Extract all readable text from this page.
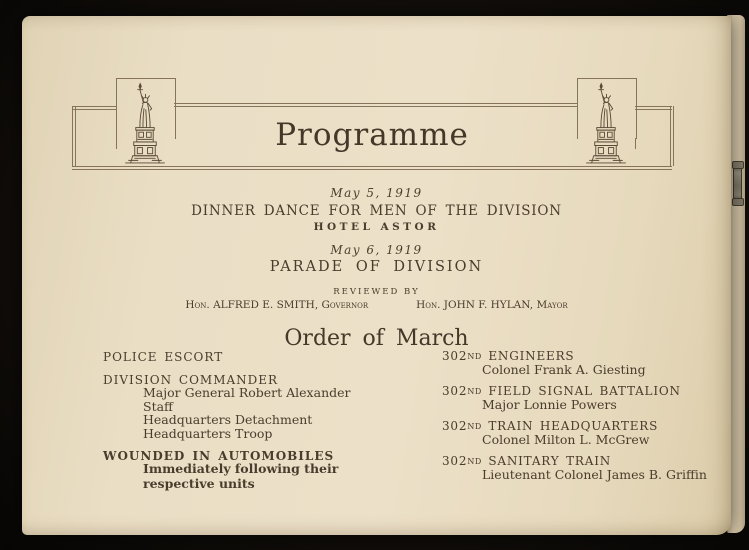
Programme
May 5, 1919
DINNER DANCE FOR MEN OF THE DIVISION
HOTEL ASTOR
May 6, 1919
PARADE OF DIVISION
REVIEWED BY
Hon. ALFRED E. SMITH, Governor	Hon. JOHN F. HYLAN, Mayor
Order of March
POLICE ESCORT
DIVISION COMMANDER
Major General Robert Alexander
Staff
Headquarters Detachment
Headquarters Troop
WOUNDED IN AUTOMOBILES
Immediately following their respective units
302ND ENGINEERS
Colonel Frank A. Giesting
302ND FIELD SIGNAL BATTALION
Major Lonnie Powers
302ND TRAIN HEADQUARTERS
Colonel Milton L. McGrew
302ND SANITARY TRAIN
Lieutenant Colonel James B. Griffin
